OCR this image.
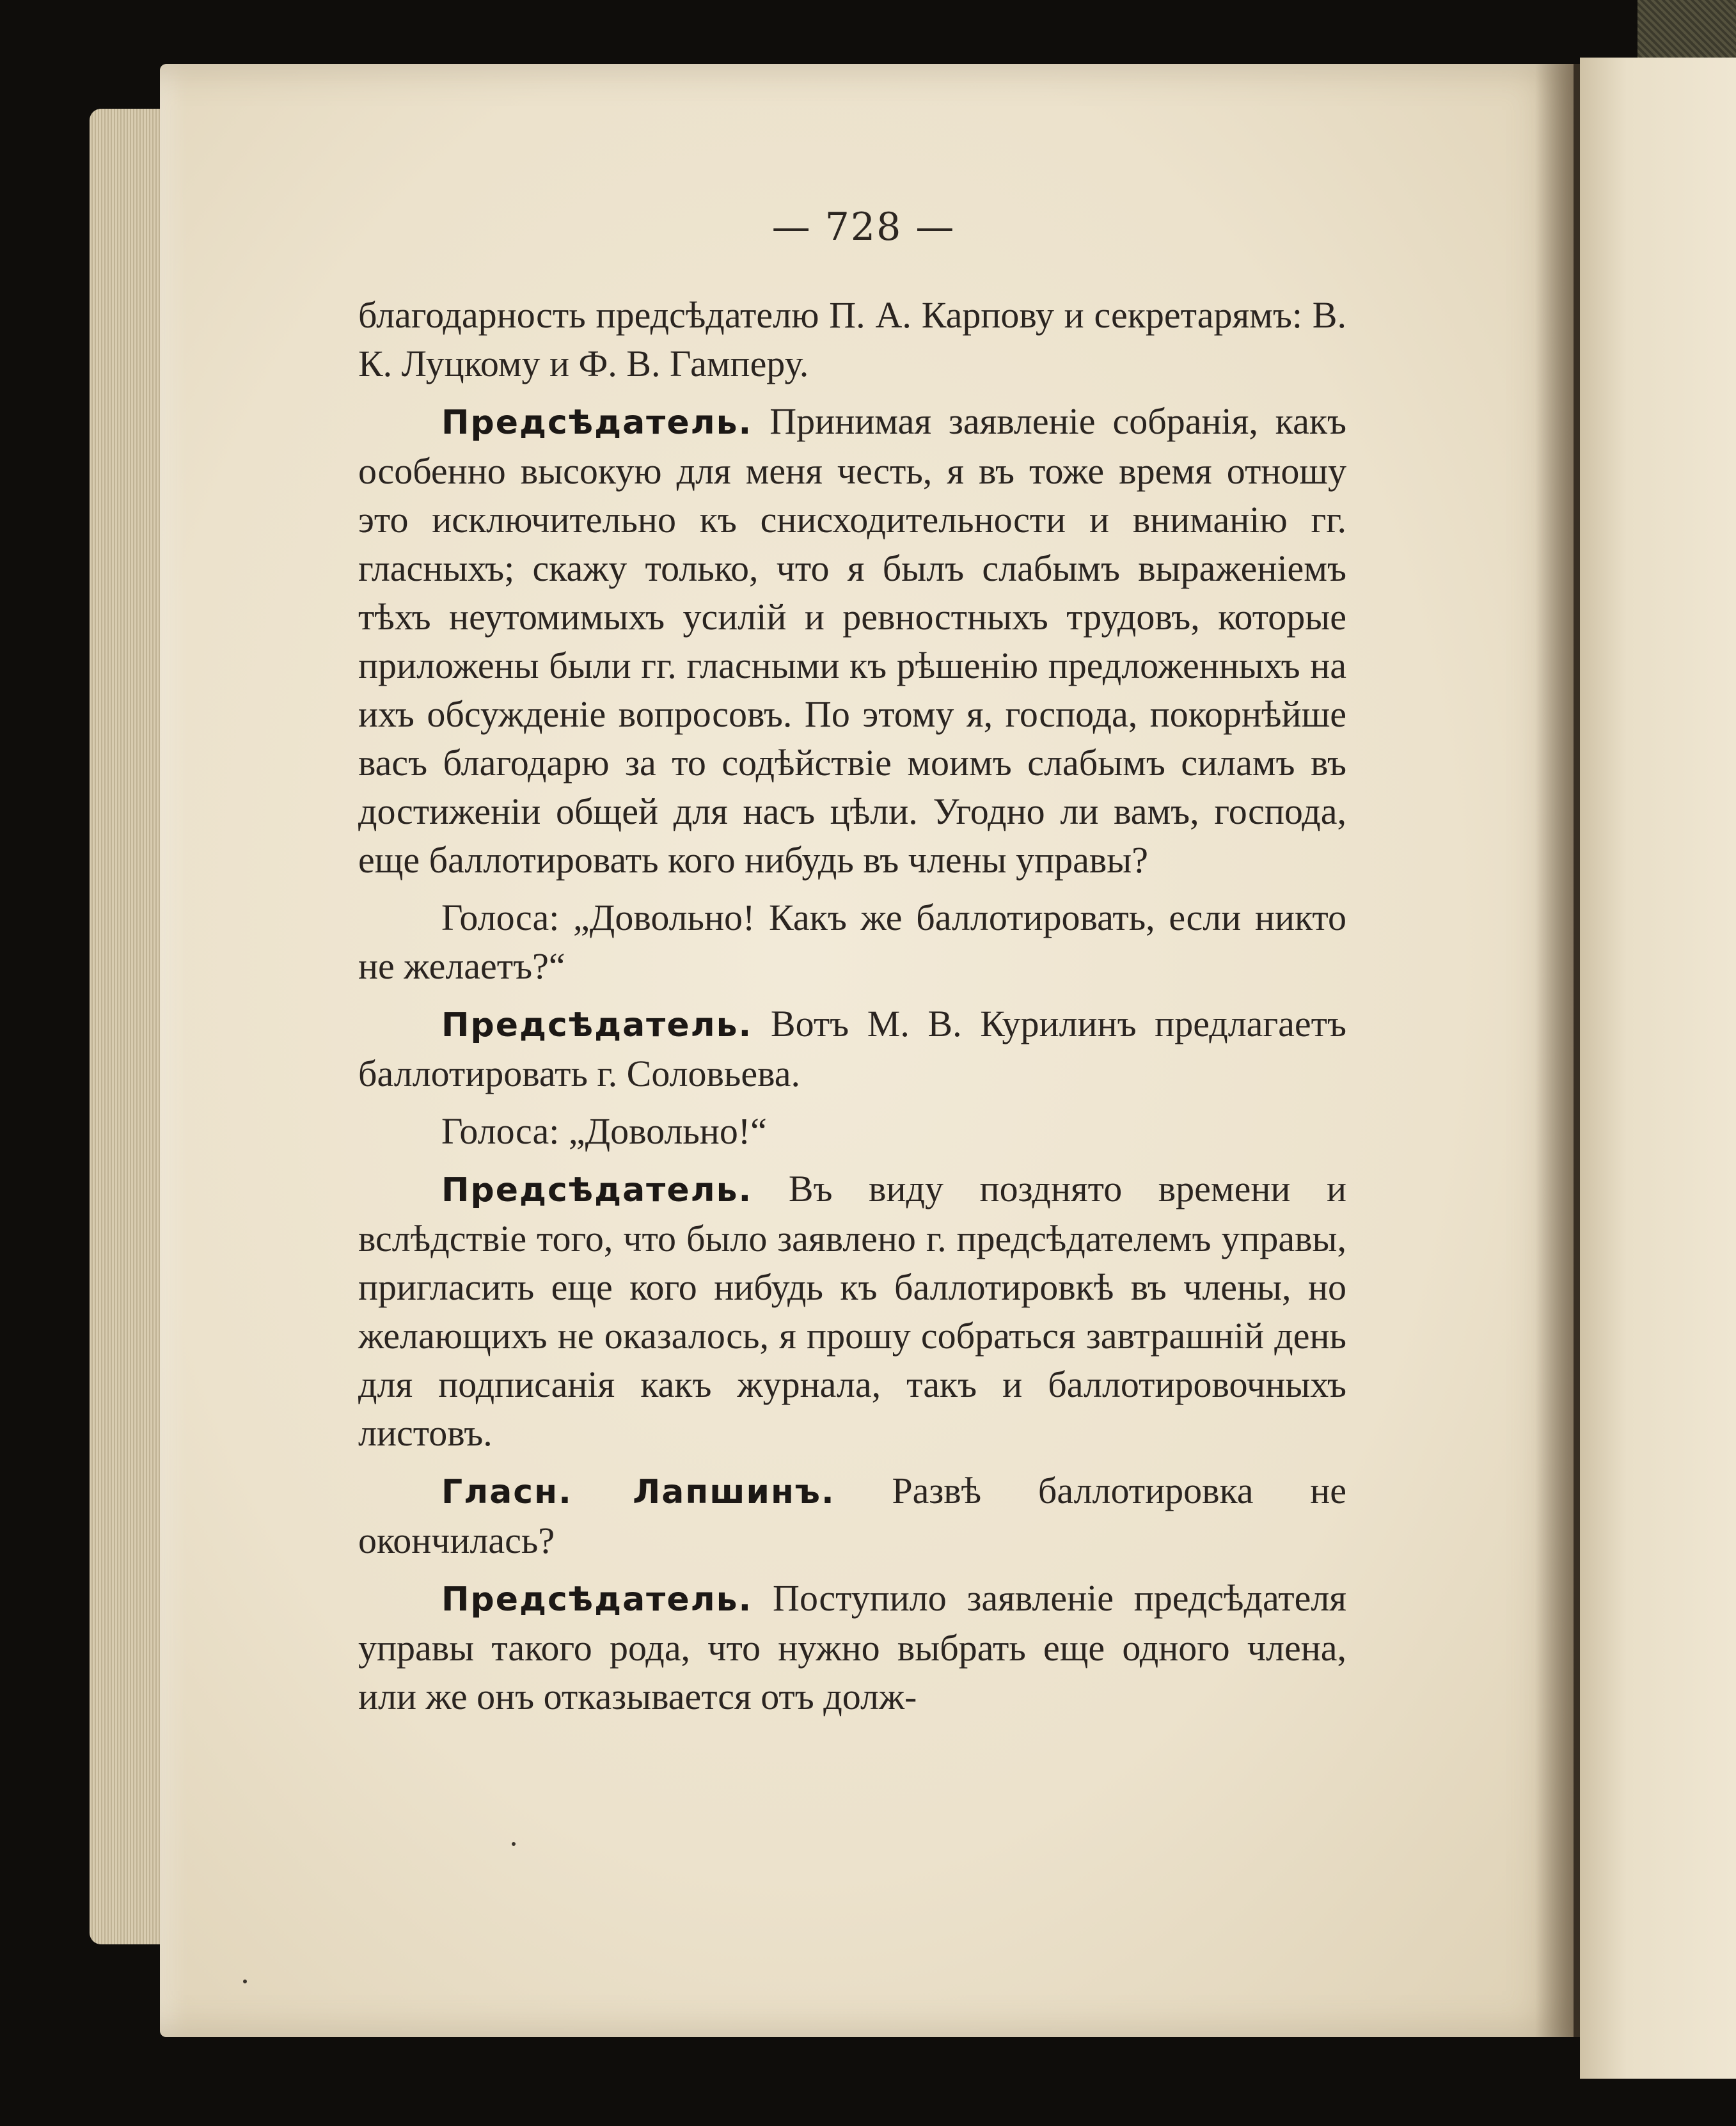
— 728 —

благодарность предсѣдателю П. А. Карпову и секретарямъ: В. К. Луцкому и Ф. В. Гамперу.

Предсѣдатель. Принимая заявленіе собранія, какъ особенно высокую для меня честь, я въ тоже время отношу это исключительно къ снисходительности и вниманію гг. гласныхъ; скажу только, что я былъ слабымъ выраженіемъ тѣхъ неутомимыхъ усилій и ревностныхъ трудовъ, которые приложены были гг. гласными къ рѣшенію предложенныхъ на ихъ обсужденіе вопросовъ. По этому я, господа, покорнѣйше васъ благодарю за то содѣйствіе моимъ слабымъ силамъ въ достиженіи общей для насъ цѣли. Угодно ли вамъ, господа, еще баллотировать кого нибудь въ члены управы?

Голоса: „Довольно! Какъ же баллотировать, если никто не желаетъ?“

Предсѣдатель. Вотъ М. В. Курилинъ предлагаетъ баллотировать г. Соловьева.

Голоса: „Довольно!“

Предсѣдатель. Въ виду позднято времени и вслѣдствіе того, что было заявлено г. предсѣдателемъ управы, пригласить еще кого нибудь къ баллотировкѣ въ члены, но желающихъ не оказалось, я прошу собраться завтрашній день для подписанія какъ журнала, такъ и баллотировочныхъ листовъ.

Гласн. Лапшинъ. Развѣ баллотировка не окончилась?

Предсѣдатель. Поступило заявленіе предсѣдателя управы такого рода, что нужно выбрать еще одного члена, или же онъ отказывается отъ долж-
